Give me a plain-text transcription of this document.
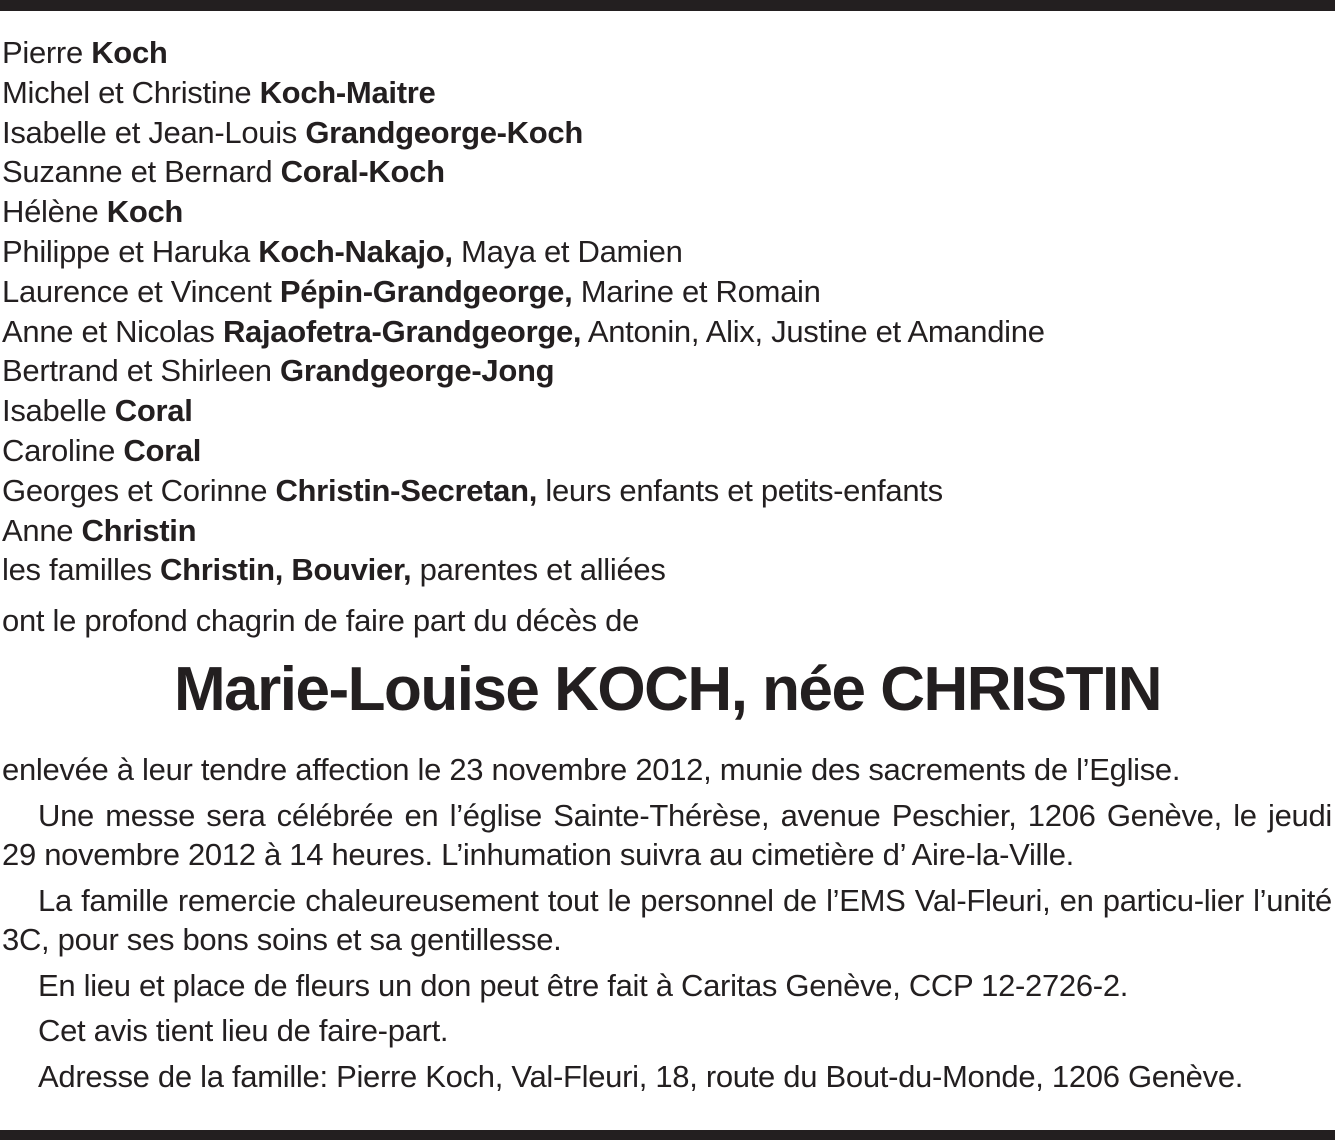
Pierre Koch
Michel et Christine Koch-Maitre
Isabelle et Jean-Louis Grandgeorge-Koch
Suzanne et Bernard Coral-Koch
Hélène Koch
Philippe et Haruka Koch-Nakajo, Maya et Damien
Laurence et Vincent Pépin-Grandgeorge, Marine et Romain
Anne et Nicolas Rajaofetra-Grandgeorge, Antonin, Alix, Justine et Amandine
Bertrand et Shirleen Grandgeorge-Jong
Isabelle Coral
Caroline Coral
Georges et Corinne Christin-Secretan, leurs enfants et petits-enfants
Anne Christin
les familles Christin, Bouvier, parentes et alliées
ont le profond chagrin de faire part du décès de
Marie-Louise KOCH, née CHRISTIN

enlevée à leur tendre affection le 23 novembre 2012, munie des sacrements de l’Eglise.

Une messe sera célébrée en l’église Sainte-Thérèse, avenue Peschier, 1206 Genève, le jeudi 29 novembre 2012 à 14 heures. L’inhumation suivra au cimetière d’ Aire-la-Ville.

La famille remercie chaleureusement tout le personnel de l’EMS Val-Fleuri, en particu-lier l’unité 3C, pour ses bons soins et sa gentillesse.

En lieu et place de fleurs un don peut être fait à Caritas Genève, CCP 12-2726-2.

Cet avis tient lieu de faire-part.

Adresse de la famille: Pierre Koch, Val-Fleuri, 18, route du Bout-du-Monde, 1206 Genève.
